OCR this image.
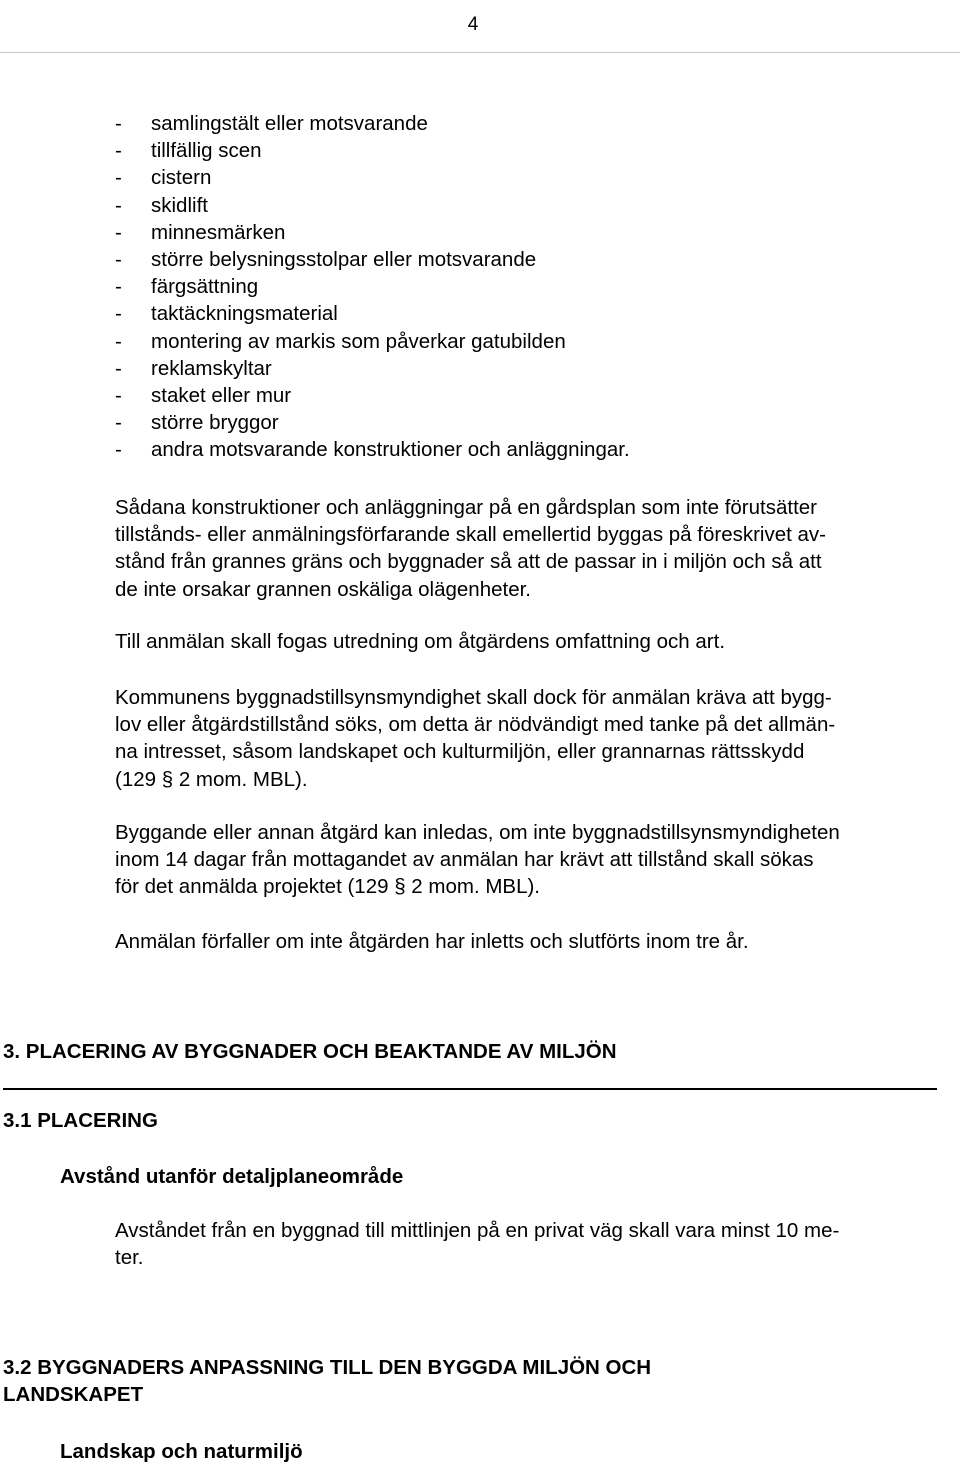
4
- samlingstält eller motsvarande
- tillfällig scen
- cistern
- skidlift
- minnesmärken
- större belysningsstolpar eller motsvarande
- färgsättning
- taktäckningsmaterial
- montering av markis som påverkar gatubilden
- reklamskyltar
- staket eller mur
- större bryggor
- andra motsvarande konstruktioner och anläggningar.

Sådana konstruktioner och anläggningar på en gårdsplan som inte förutsätter
tillstånds- eller anmälningsförfarande skall emellertid byggas på föreskrivet av-
stånd från grannes gräns och byggnader så att de passar in i miljön och så att
de inte orsakar grannen oskäliga olägenheter.

Till anmälan skall fogas utredning om åtgärdens omfattning och art.

Kommunens byggnadstillsynsmyndighet skall dock för anmälan kräva att bygg-
lov eller åtgärdstillstånd söks, om detta är nödvändigt med tanke på det allmän-
na intresset, såsom landskapet och kulturmiljön, eller grannarnas rättsskydd
(129 § 2 mom. MBL).

Byggande eller annan åtgärd kan inledas, om inte byggnadstillsynsmyndigheten
inom 14 dagar från mottagandet av anmälan har krävt att tillstånd skall sökas
för det anmälda projektet (129 § 2 mom. MBL).

Anmälan förfaller om inte åtgärden har inletts och slutförts inom tre år.

3. PLACERING AV BYGGNADER OCH BEAKTANDE AV MILJÖN
3.1 PLACERING
Avstånd utanför detaljplaneområde

Avståndet från en byggnad till mittlinjen på en privat väg skall vara minst 10 me-
ter.

3.2 BYGGNADERS ANPASSNING TILL DEN BYGGDA MILJÖN OCH
LANDSKAPET
Landskap och naturmiljö
